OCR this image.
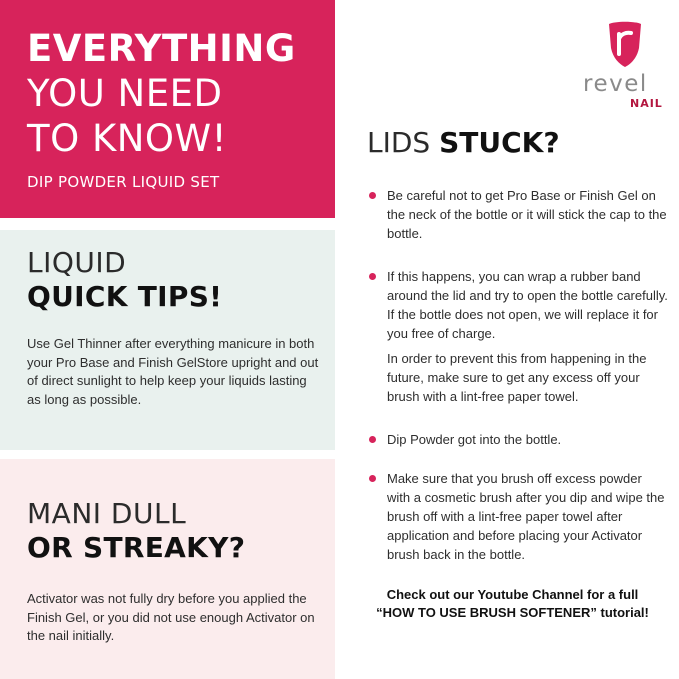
EVERYTHING
YOU NEED
TO KNOW!
DIP POWDER LIQUID SET
LIQUID
QUICK TIPS!
Use Gel Thinner after everything manicure in both your Pro Base and Finish GelStore upright and out of direct sunlight to help keep your liquids lasting as long as possible.
MANI DULL
OR STREAKY?
Activator was not fully dry before you applied the Finish Gel, or you did not use enough Activator on the nail initially.
revel
NAIL
LIDS STUCK?
Be careful not to get Pro Base or Finish Gel on the neck of the bottle or it will stick the cap to the bottle.
If this happens, you can wrap a rubber band around the lid and try to open the bottle carefully. If the bottle does not open, we will replace it for you free of charge.
In order to prevent this from happening in the future, make sure to get any excess off your brush with a lint-free paper towel.
Dip Powder got into the bottle.
Make sure that you brush off excess powder with a cosmetic brush after you dip and wipe the brush off with a lint-free paper towel after application and before placing your Activator brush back in the bottle.
Check out our Youtube Channel for a full
“HOW TO USE BRUSH SOFTENER” tutorial!
